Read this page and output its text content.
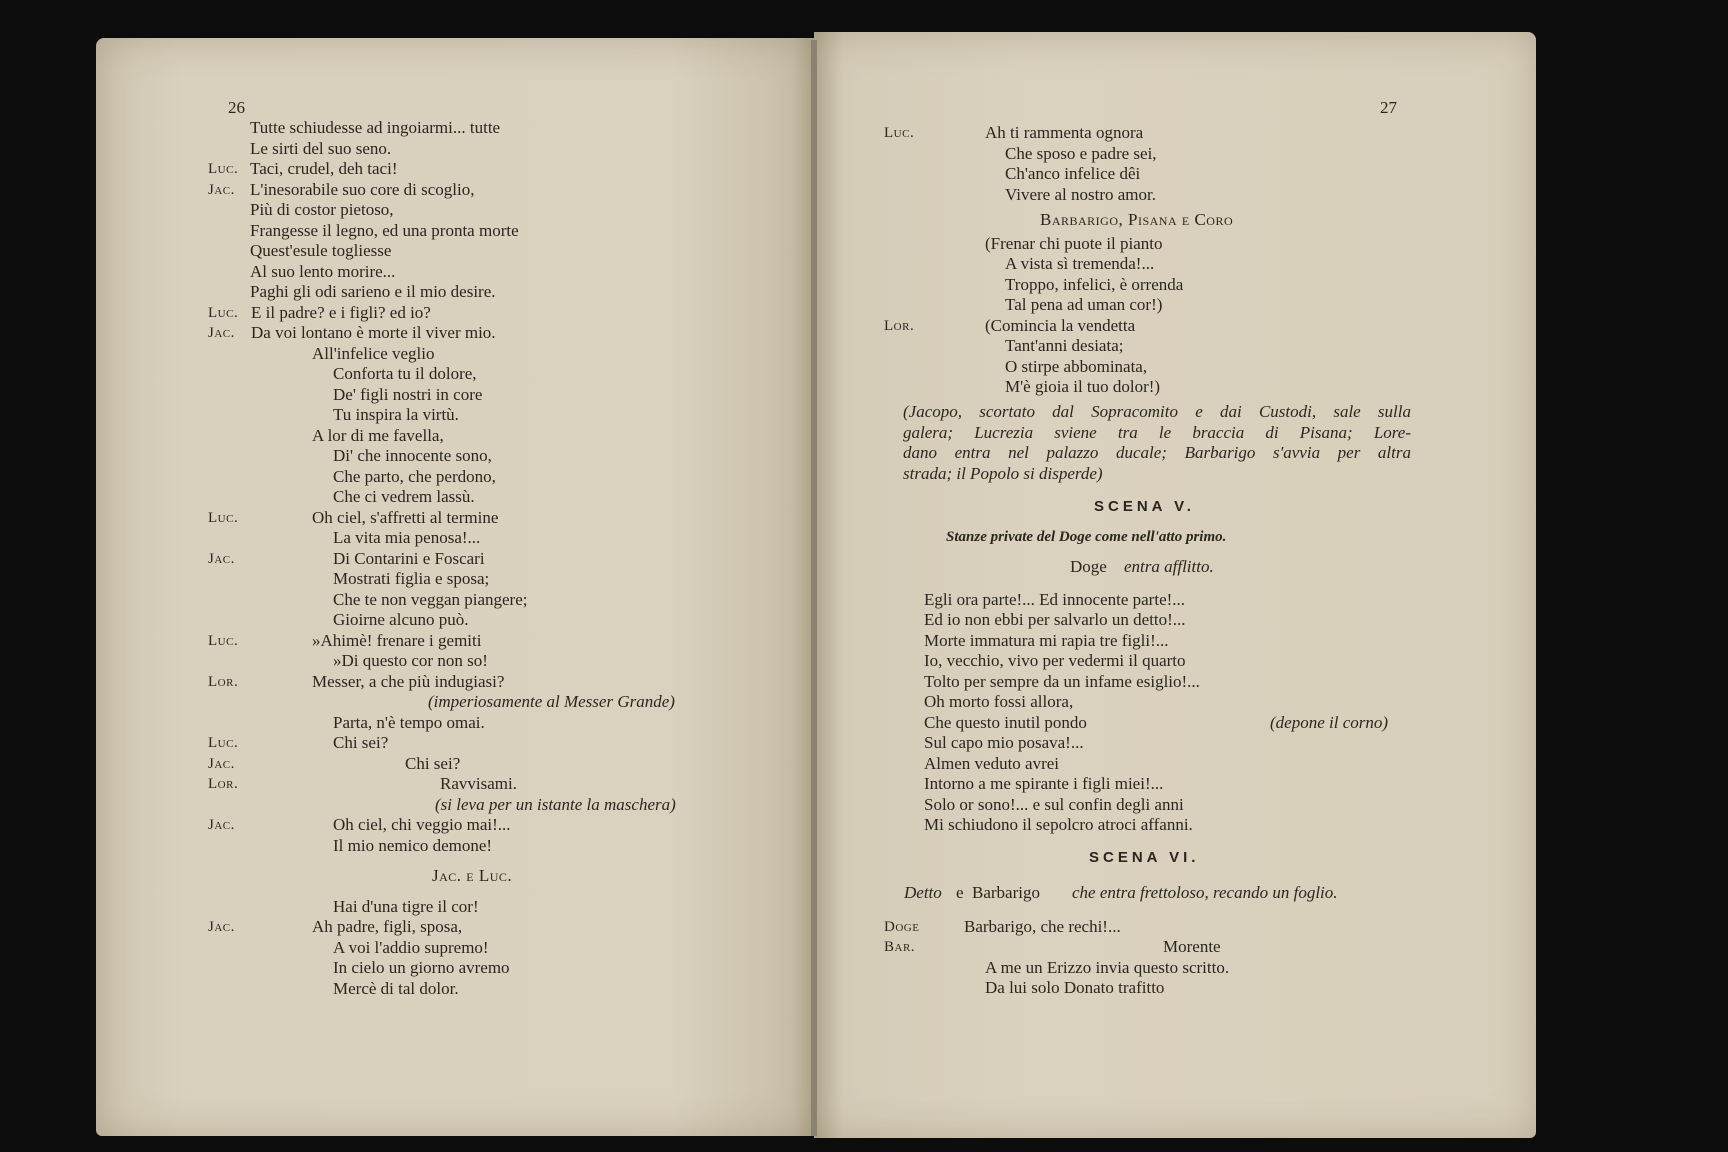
26	27
Tutte schiudesse ad ingoiarmi... tutte
Le sirti del suo seno.
Luc. Taci, crudel, deh taci!
Jac. L'inesorabile suo core di scoglio,
Più di costor pietoso,
Frangesse il legno, ed una pronta morte
Quest'esule togliesse
Al suo lento morire...
Paghi gli odi sarieno e il mio desire.
Luc. E il padre? e i figli? ed io?
Jac. Da voi lontano è morte il viver mio.
All'infelice veglio
Conforta tu il dolore,
De' figli nostri in core
Tu inspira la virtù.
A lor di me favella,
Di' che innocente sono,
Che parto, che perdono,
Che ci vedrem lassù.
Luc.	Oh ciel, s'affretti al termine
La vita mia penosa!...
Jac.	Di Contarini e Foscari
Mostrati figlia e sposa;
Che te non veggan piangere;
Gioirne alcuno può.
Luc.	»Ahimè! frenare i gemiti
»Di questo cor non so!
Lor.	Messer, a che più indugiasi?
(imperiosamente al Messer Grande)
Parta, n'è tempo omai.
Luc.	Chi sei?
Jac.	Chi sei?
Lor.	Ravvisami.
(si leva per un istante la maschera)
Jac.	Oh ciel, chi veggio mai!...
Il mio nemico demone!
Jac. e Luc.
Hai d'una tigre il cor!
Jac.	Ah padre, figli, sposa,
A voi l'addio supremo!
In cielo un giorno avremo
Mercè di tal dolor.
Luc.	Ah ti rammenta ognora
Che sposo e padre sei,
Ch'anco infelice dêi
Vivere al nostro amor.
Barbarigo, Pisana e Coro
(Frenar chi puote il pianto
A vista sì tremenda!...
Troppo, infelici, è orrenda
Tal pena ad uman cor!)
Lor.	(Comincia la vendetta
Tant'anni desiata;
O stirpe abbominata,
M'è gioia il tuo dolor!)
(Jacopo, scortato dal Sopracomito e dai Custodi, sale sulla
galera; Lucrezia sviene tra le braccia di Pisana; Lore-
dano entra nel palazzo ducale; Barbarigo s'avvia per altra
strada; il Popolo si disperde)
SCENA V.
Stanze private del Doge come nell'atto primo.
Doge entra afflitto.
Egli ora parte!... Ed innocente parte!...
Ed io non ebbi per salvarlo un detto!...
Morte immatura mi rapia tre figli!...
Io, vecchio, vivo per vedermi il quarto
Tolto per sempre da un infame esiglio!...
Oh morto fossi allora,
Che questo inutil pondo
Sul capo mio posava!...
Almen veduto avrei
Intorno a me spirante i figli miei!...
Solo or sono!... e sul confin degli anni
Mi schiudono il sepolcro atroci affanni.
(depone il corno)
SCENA VI.
Detto e Barbarigo che entra frettoloso, recando un foglio.
Doge	Barbarigo, che rechi!...
Bar.	Morente
A me un Erizzo invia questo scritto.
Da lui solo Donato trafitto
